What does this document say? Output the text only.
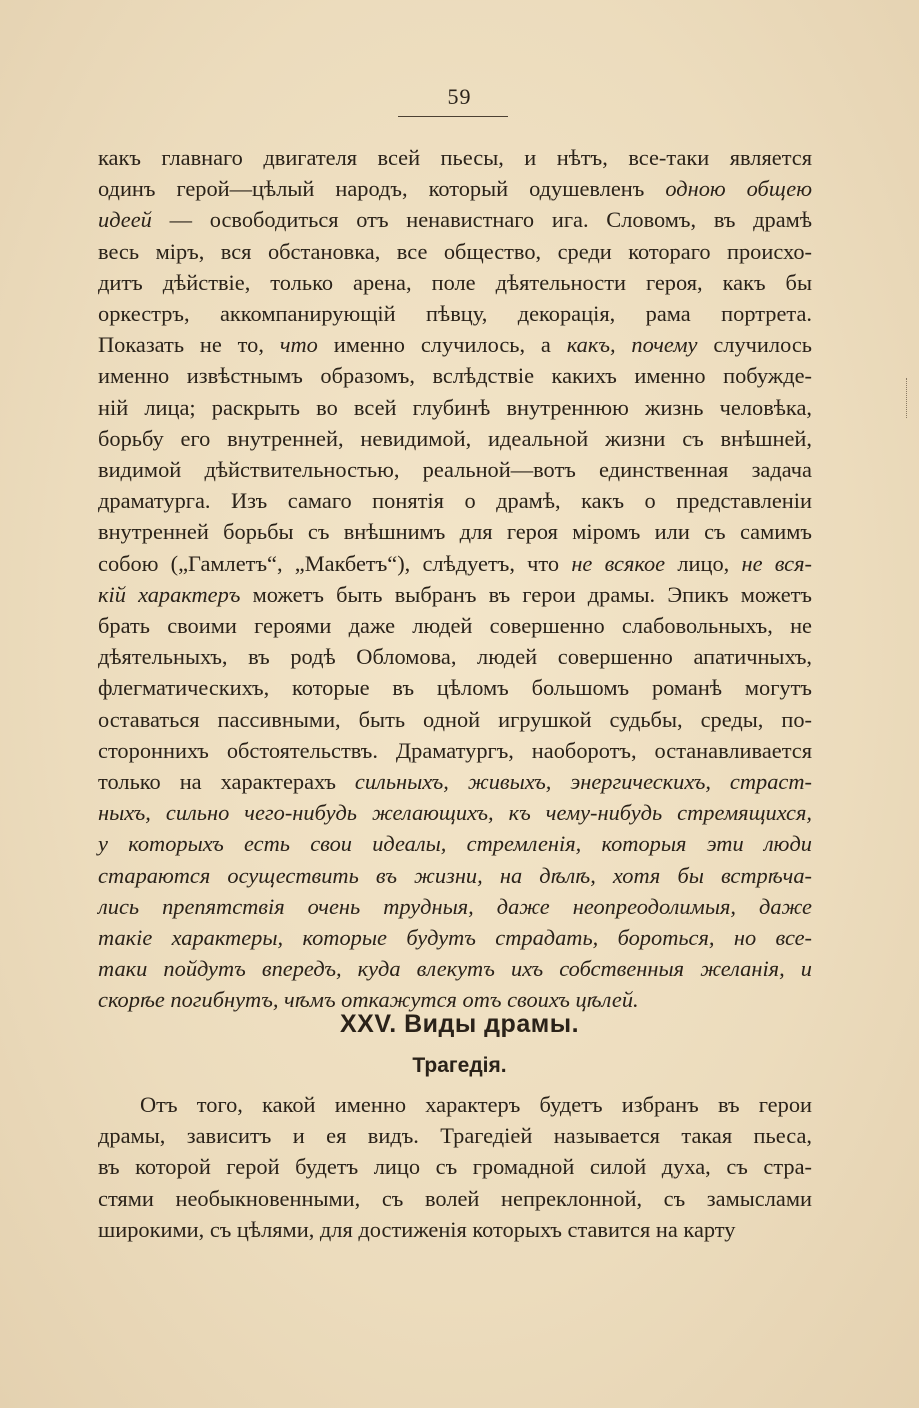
59
какъ главнаго двигателя всей пьесы, и нѣтъ, все-таки является
одинъ герой—цѣлый народъ, который одушевленъ одною общею
идеей — освободиться отъ ненавистнаго ига. Словомъ, въ драмѣ
весь міръ, вся обстановка, все общество, среди котораго происхо-
дитъ дѣйствіе, только арена, поле дѣятельности героя, какъ бы
оркестръ, аккомпанирующій пѣвцу, декорація, рама портрета.
Показать не то, что именно случилось, а какъ, почему случилось
именно извѣстнымъ образомъ, вслѣдствіе какихъ именно побужде-
ній лица; раскрыть во всей глубинѣ внутреннюю жизнь человѣка,
борьбу его внутренней, невидимой, идеальной жизни съ внѣшней,
видимой дѣйствительностью, реальной—вотъ единственная задача
драматурга. Изъ самаго понятія о драмѣ, какъ о представленіи
внутренней борьбы съ внѣшнимъ для героя міромъ или съ самимъ
собою („Гамлетъ“, „Макбетъ“), слѣдуетъ, что не всякое лицо, не вся-
кій характеръ можетъ быть выбранъ въ герои драмы. Эпикъ можетъ
брать своими героями даже людей совершенно слабовольныхъ, не
дѣятельныхъ, въ родѣ Обломова, людей совершенно апатичныхъ,
флегматическихъ, которые въ цѣломъ большомъ романѣ могутъ
оставаться пассивными, быть одной игрушкой судьбы, среды, по-
стороннихъ обстоятельствъ. Драматургъ, наоборотъ, останавливается
только на характерахъ сильныхъ, живыхъ, энергическихъ, страст-
ныхъ, сильно чего-нибудь желающихъ, къ чему-нибудь стремящихся,
у которыхъ есть свои идеалы, стремленія, которыя эти люди
стараются осуществить въ жизни, на дѣлѣ, хотя бы встрѣча-
лись препятствія очень трудныя, даже неопреодолимыя, даже
такіе характеры, которые будутъ страдать, бороться, но все-
таки пойдутъ впередъ, куда влекутъ ихъ собственныя желанія, и
скорѣе погибнутъ, чѣмъ откажутся отъ своихъ цѣлей.
XXV. Виды драмы.
Трагедія.
Отъ того, какой именно характеръ будетъ избранъ въ герои
драмы, зависитъ и ея видъ. Трагедіей называется такая пьеса,
въ которой герой будетъ лицо съ громадной силой духа, съ стра-
стями необыкновенными, съ волей непреклонной, съ замыслами
широкими, съ цѣлями, для достиженія которыхъ ставится на карту
